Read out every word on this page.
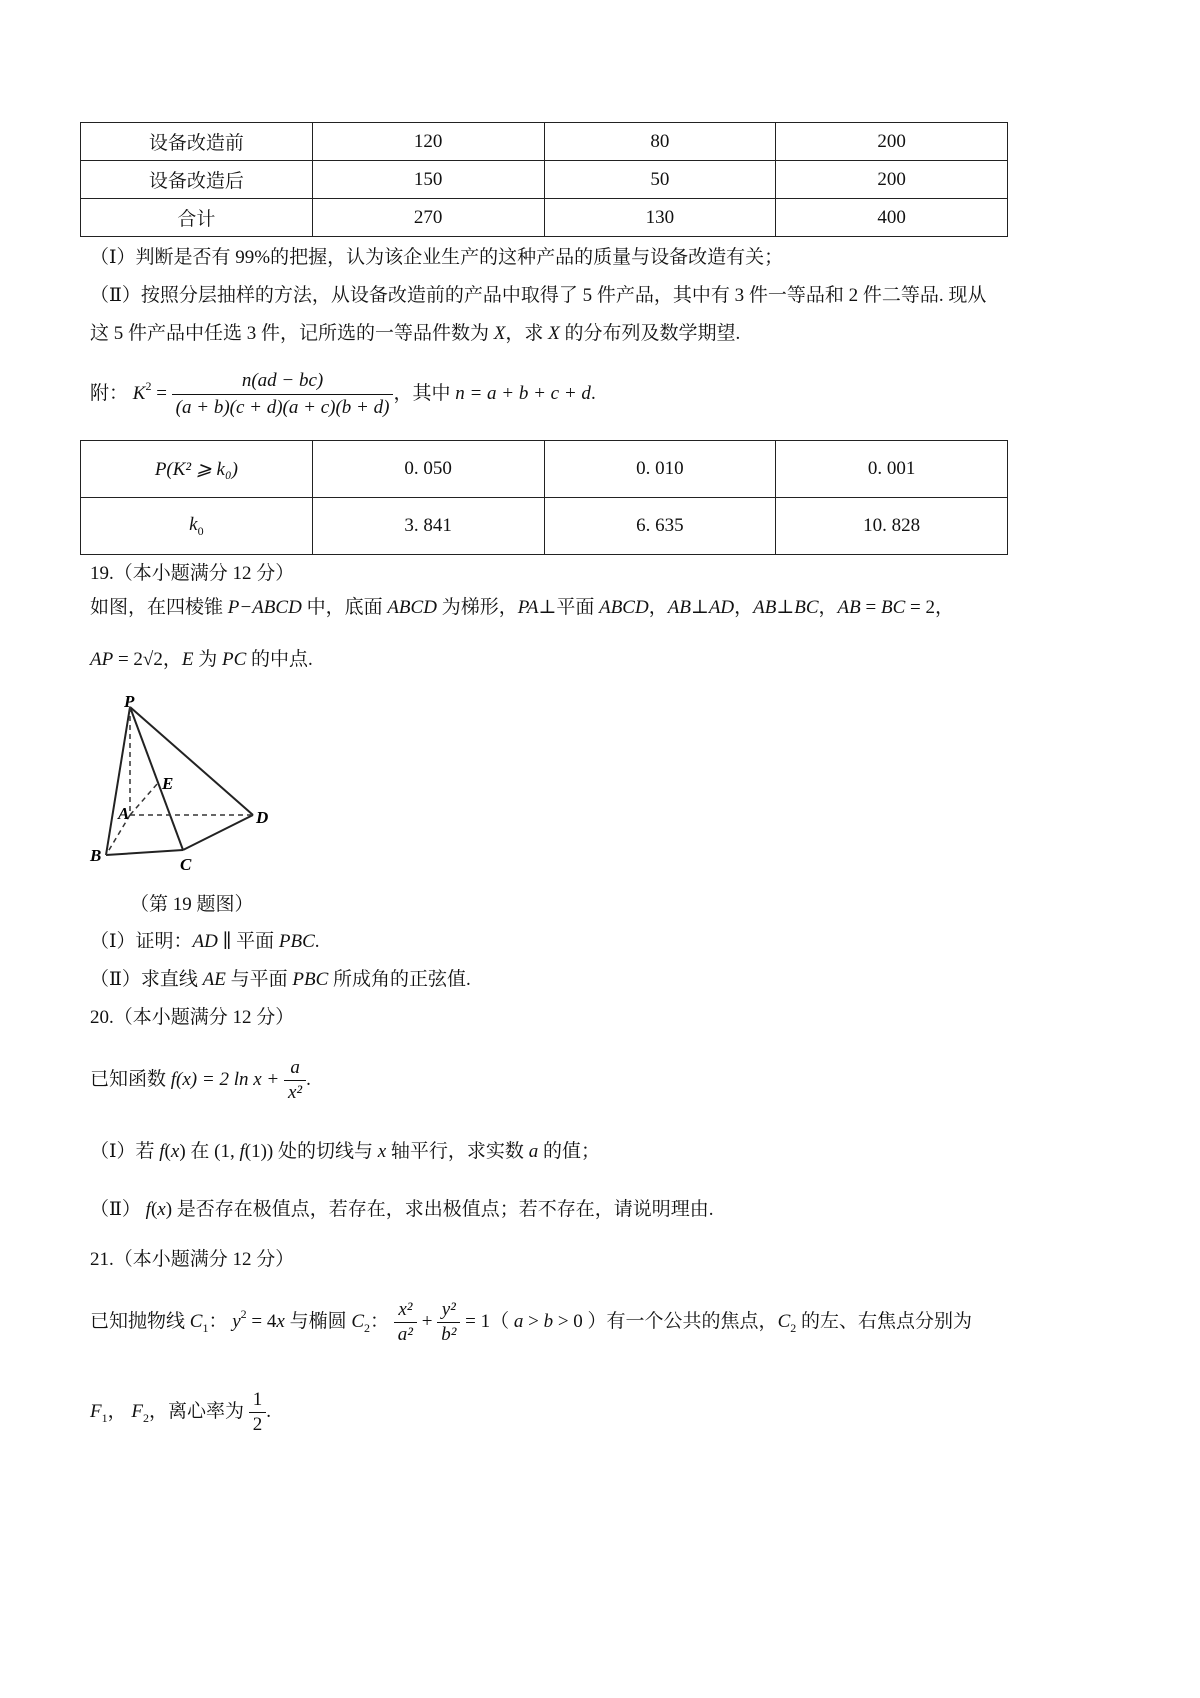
设备改造前	120	80	200
设备改造后	150	50	200
合计	270	130	400
（Ⅰ）判断是否有 99%的把握，认为该企业生产的这种产品的质量与设备改造有关；
（Ⅱ）按照分层抽样的方法，从设备改造前的产品中取得了 5 件产品，其中有 3 件一等品和 2 件二等品. 现从
这 5 件产品中任选 3 件，记所选的一等品件数为 X，求 X 的分布列及数学期望.
附： $K^2 = \frac{n(ad - bc)}{(a + b)(c + d)(a + c)(b + d)}$ ，其中 n = a + b + c + d.
P(K² ⩾ k₀)	0. 050	0. 010	0. 001
$k_0$	3. 841	6. 635	10. 828
19.（本小题满分 12 分）
如图，在四棱锥 P−ABCD 中，底面 ABCD 为梯形，PA⊥平面 ABCD，AB⊥AD，AB⊥BC，AB = BC = 2，
AP = 2√2，E 为 PC 的中点.
P
E
A	D
B	C
（第 19 题图）
（Ⅰ）证明：AD ∥ 平面 PBC.
（Ⅱ）求直线 AE 与平面 PBC 所成角的正弦值.
20.（本小题满分 12 分）
已知函数 f(x) = 2 $\ln x + \frac{a}{\text{x²}}$ .
（Ⅰ）若 f(x) 在 (1, f(1)) 处的切线与 x 轴平行，求实数 a 的值；
（Ⅱ） f(x) 是否存在极值点，若存在，求出极值点；若不存在，请说明理由.
21.（本小题满分 12 分）
已知抛物线 $C_1$： $y^2 = 4x$ 与椭圆 $C_2$： $\frac{\text{x²}}{\text{a²}} + \frac{\text{y²}}{\text{b²}} = 1$（ a > b > 0 ）有一个公共的焦点，$C_2$ 的左、右焦点分别为
$F_1$， $F_2$，离心率为 $\frac{1}{2}$ .
